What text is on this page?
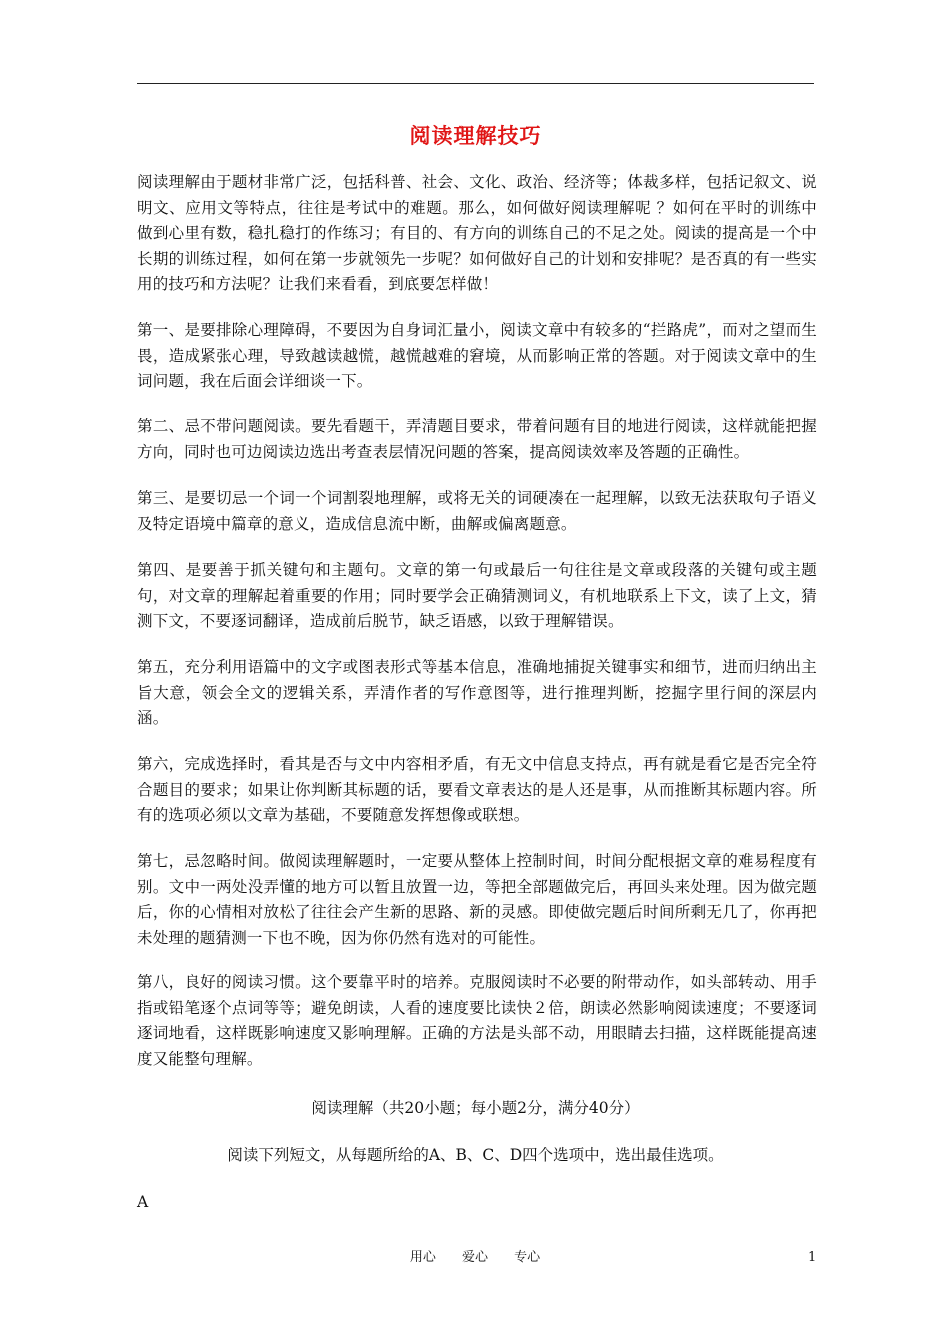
阅读理解技巧

阅读理解由于题材非常广泛，包括科普、社会、文化、政治、经济等；体裁多样，包括记叙文、说明文、应用文等特点，往往是考试中的难题。那么，如何做好阅读理解呢 ？如何在平时的训练中做到心里有数，稳扎稳打的作练习；有目的、有方向的训练自己的不足之处。阅读的提高是一个中长期的训练过程，如何在第一步就领先一步呢？如何做好自己的计划和安排呢？是否真的有一些实用的技巧和方法呢？让我们来看看，到底要怎样做！

第一、是要排除心理障碍，不要因为自身词汇量小，阅读文章中有较多的“拦路虎”，而对之望而生畏，造成紧张心理，导致越读越慌，越慌越难的窘境，从而影响正常的答题。对于阅读文章中的生词问题，我在后面会详细谈一下。

第二、忌不带问题阅读。要先看题干，弄清题目要求，带着问题有目的地进行阅读，这样就能把握方向，同时也可边阅读边选出考查表层情况问题的答案，提高阅读效率及答题的正确性。

第三、是要切忌一个词一个词割裂地理解，或将无关的词硬凑在一起理解，以致无法获取句子语义及特定语境中篇章的意义，造成信息流中断，曲解或偏离题意。

第四、是要善于抓关键句和主题句。文章的第一句或最后一句往往是文章或段落的关键句或主题句，对文章的理解起着重要的作用；同时要学会正确猜测词义，有机地联系上下文，读了上文，猜测下文，不要逐词翻译，造成前后脱节，缺乏语感，以致于理解错误。

第五，充分利用语篇中的文字或图表形式等基本信息，准确地捕捉关键事实和细节，进而归纳出主旨大意，领会全文的逻辑关系，弄清作者的写作意图等，进行推理判断，挖掘字里行间的深层内涵。

第六，完成选择时，看其是否与文中内容相矛盾，有无文中信息支持点，再有就是看它是否完全符合题目的要求；如果让你判断其标题的话，要看文章表达的是人还是事，从而推断其标题内容。所有的选项必须以文章为基础，不要随意发挥想像或联想。

第七，忌忽略时间。做阅读理解题时，一定要从整体上控制时间，时间分配根据文章的难易程度有别。文中一两处没弄懂的地方可以暂且放置一边，等把全部题做完后，再回头来处理。因为做完题后，你的心情相对放松了往往会产生新的思路、新的灵感。即使做完题后时间所剩无几了，你再把未处理的题猜测一下也不晚，因为你仍然有选对的可能性。

第八，良好的阅读习惯。这个要靠平时的培养。克服阅读时不必要的附带动作，如头部转动、用手指或铅笔逐个点词等等；避免朗读，人看的速度要比读快２倍，朗读必然影响阅读速度；不要逐词逐词地看，这样既影响速度又影响理解。正确的方法是头部不动，用眼睛去扫描，这样既能提高速度又能整句理解。

阅读理解（共20小题；每小题2分，满分40分）
阅读下列短文，从每题所给的A、B、C、D四个选项中，选出最佳选项。
A
用心 爱心 专心	1
